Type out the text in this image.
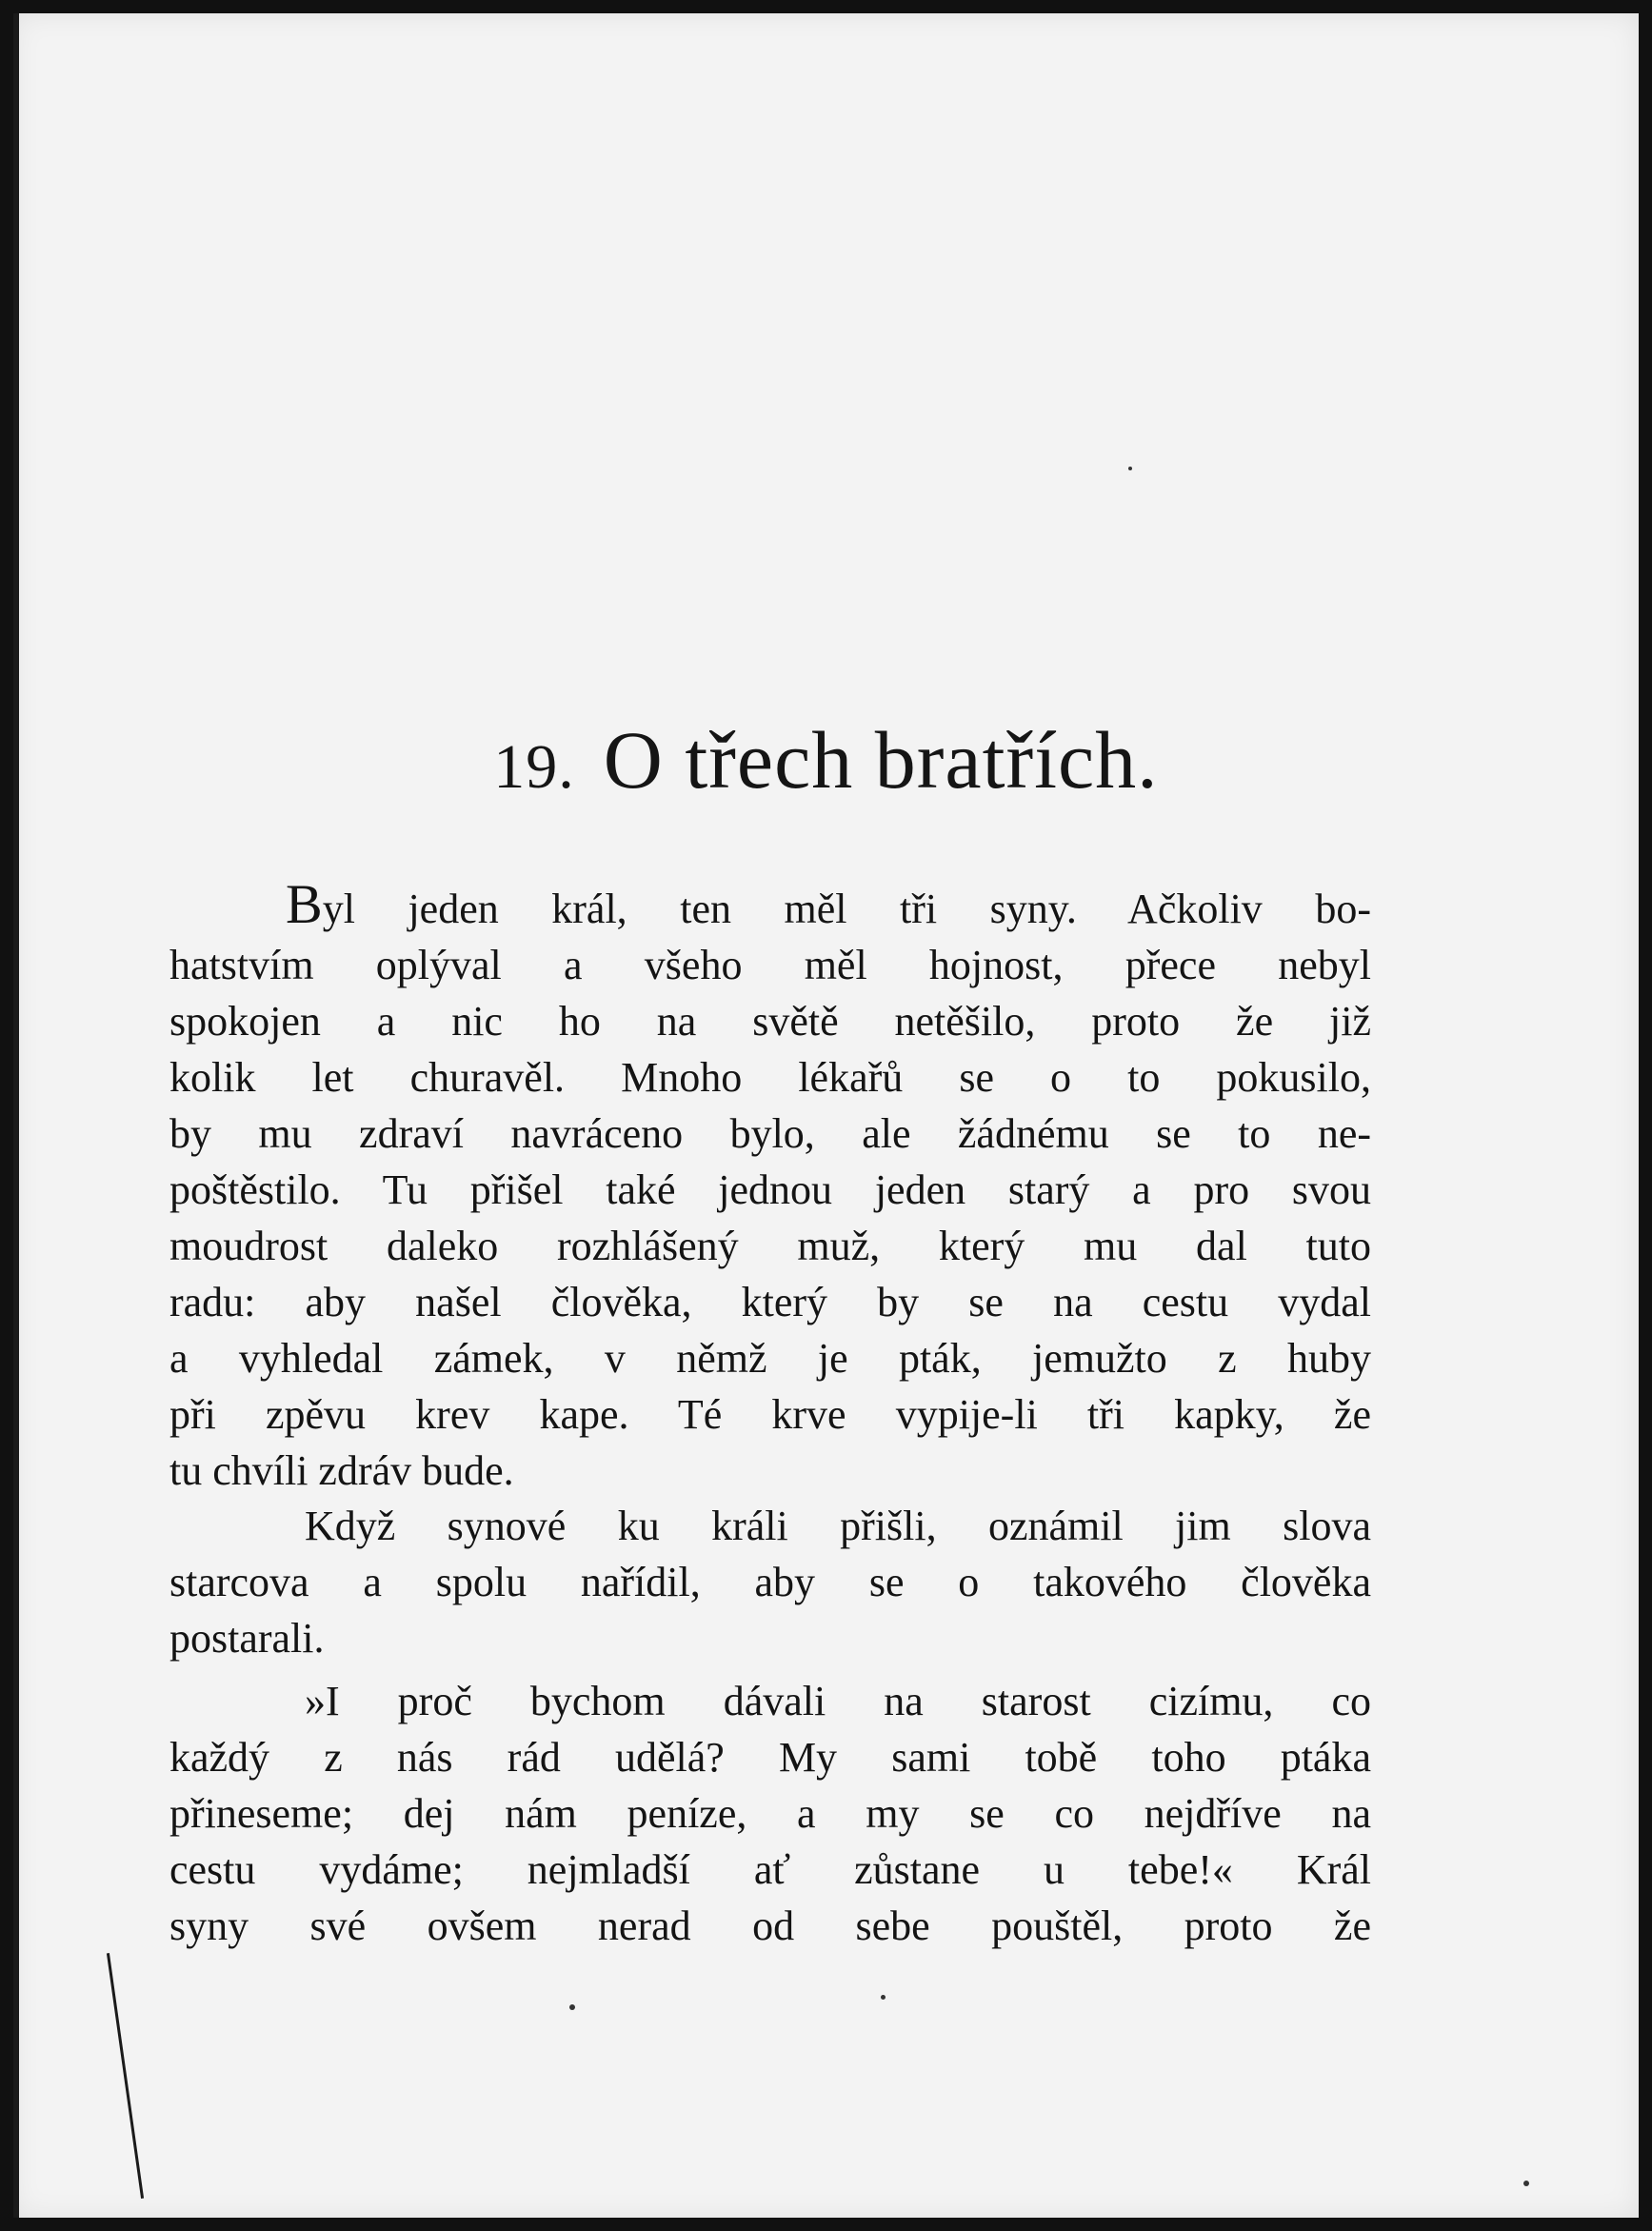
19. O třech bratřích.
Byl jeden král, ten měl tři syny. Ačkoliv bo-
hatstvím oplýval a všeho měl hojnost, přece nebyl
spokojen a nic ho na světě netěšilo, proto že již
kolik let churavěl. Mnoho lékařů se o to pokusilo,
by mu zdraví navráceno bylo, ale žádnému se to ne-
poštěstilo. Tu přišel také jednou jeden starý a pro svou
moudrost daleko rozhlášený muž, který mu dal tuto
radu: aby našel člověka, který by se na cestu vydal
a vyhledal zámek, v němž je pták, jemužto z huby
při zpěvu krev kape. Té krve vypije-li tři kapky, že
tu chvíli zdráv bude.
Když synové ku králi přišli, oznámil jim slova
starcova a spolu nařídil, aby se o takového člověka
postarali.
»I proč bychom dávali na starost cizímu, co
každý z nás rád udělá? My sami tobě toho ptáka
přineseme; dej nám peníze, a my se co nejdříve na
cestu vydáme; nejmladší ať zůstane u tebe!« Král
syny své ovšem nerad od sebe pouštěl, proto že
